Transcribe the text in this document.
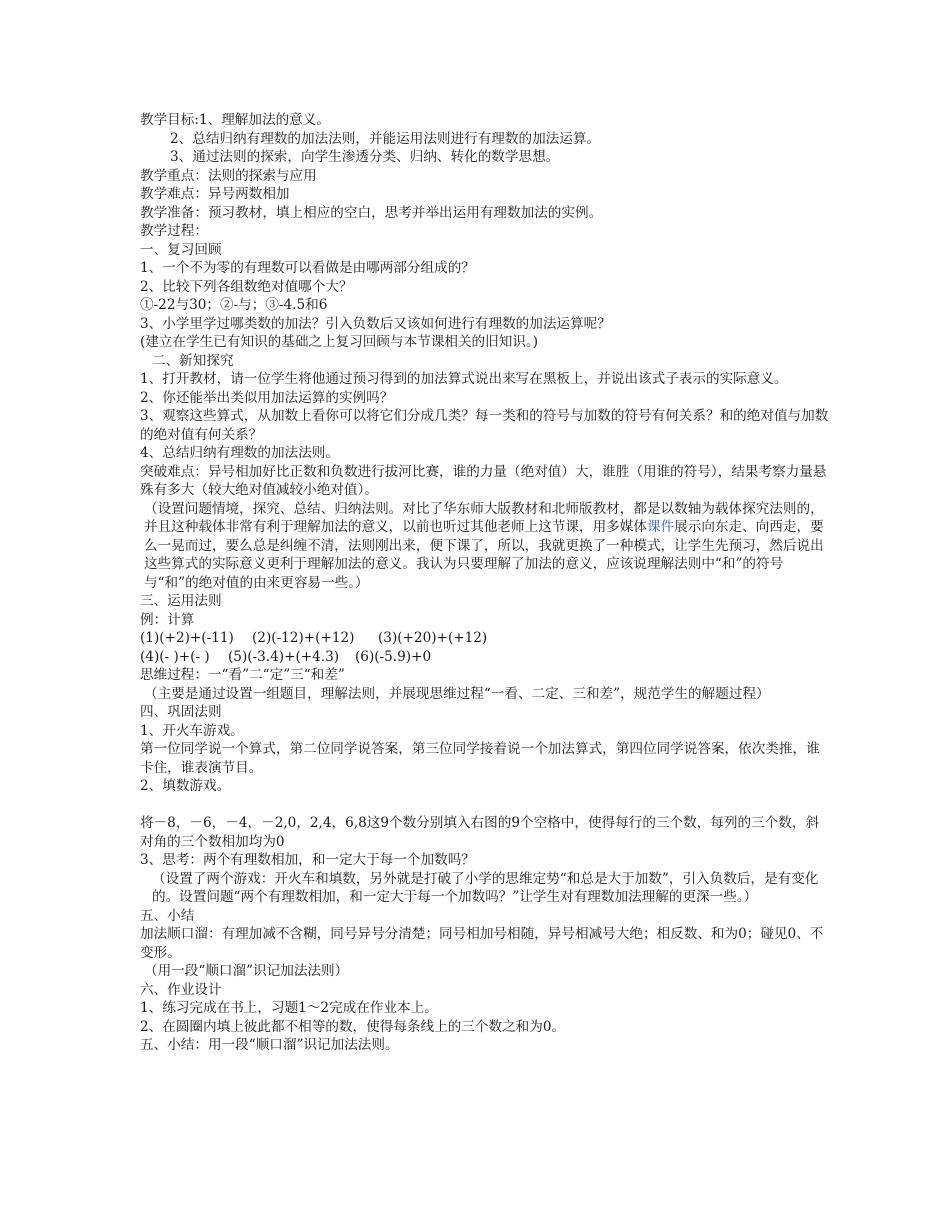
教学目标:1、理解加法的意义。

2、总结归纳有理数的加法法则，并能运用法则进行有理数的加法运算。

3、通过法则的探索，向学生渗透分类、归纳、转化的数学思想。

教学重点：法则的探索与应用

教学难点：异号两数相加

教学准备：预习教材，填上相应的空白，思考并举出运用有理数加法的实例。

教学过程：

一、复习回顾

1、一个不为零的有理数可以看做是由哪两部分组成的？

2、比较下列各组数绝对值哪个大？

①-22与30；②-与；③-4.5和6

3、小学里学过哪类数的加法？引入负数后又该如何进行有理数的加法运算呢？

(建立在学生已有知识的基础之上复习回顾与本节课相关的旧知识。)

二、新知探究

1、打开教材，请一位学生将他通过预习得到的加法算式说出来写在黑板上，并说出该式子表示的实际意义。

2、你还能举出类似用加法运算的实例吗？

3、观察这些算式，从加数上看你可以将它们分成几类？每一类和的符号与加数的符号有何关系？和的绝对值与加数的绝对值有何关系？

4、总结归纳有理数的加法法则。

突破难点：异号相加好比正数和负数进行拔河比赛，谁的力量（绝对值）大，谁胜（用谁的符号），结果考察力量悬殊有多大（较大绝对值减较小绝对值）。

（设置问题情境，探究、总结、归纳法则。对比了华东师大版教材和北师版教材，都是以数轴为载体探究法则的，并且这种载体非常有利于理解加法的意义，以前也听过其他老师上这节课，用多媒体课件展示向东走、向西走，要么一晃而过，要么总是纠缠不清，法则刚出来，便下课了，所以，我就更换了一种模式，让学生先预习，然后说出这些算式的实际意义更利于理解加法的意义。我认为只要理解了加法的意义，应该说理解法则中“和”的符号与“和”的绝对值的由来更容易一些。）

三、运用法则

例：计算

(1)(+2)+(-11) (2)(-12)+(+12) (3)(+20)+(+12)

(4)(- )+(- ) (5)(-3.4)+(+4.3) (6)(-5.9)+0

思维过程：一“看”二“定”三“和差”

（主要是通过设置一组题目，理解法则，并展现思维过程“一看、二定、三和差”，规范学生的解题过程）

四、巩固法则

1、开火车游戏。

第一位同学说一个算式，第二位同学说答案，第三位同学接着说一个加法算式，第四位同学说答案，依次类推，谁卡住，谁表演节目。

2、填数游戏。

将－8，－6，－4，－2,0，2,4，6,8这9个数分别填入右图的9个空格中，使得每行的三个数，每列的三个数，斜对角的三个数相加均为0

3、思考：两个有理数相加，和一定大于每一个加数吗？

（设置了两个游戏：开火车和填数，另外就是打破了小学的思维定势“和总是大于加数”，引入负数后，是有变化的。设置问题“两个有理数相加，和一定大于每一个加数吗？”让学生对有理数加法理解的更深一些。）

五、小结

加法顺口溜：有理加减不含糊，同号异号分清楚；同号相加号相随，异号相减号大绝；相反数、和为0；碰见0、不变形。

（用一段“顺口溜”识记加法法则）

六、作业设计

1、练习完成在书上，习题1～2完成在作业本上。

2、在圆圈内填上彼此都不相等的数，使得每条线上的三个数之和为0。

五、小结：用一段“顺口溜”识记加法法则。
